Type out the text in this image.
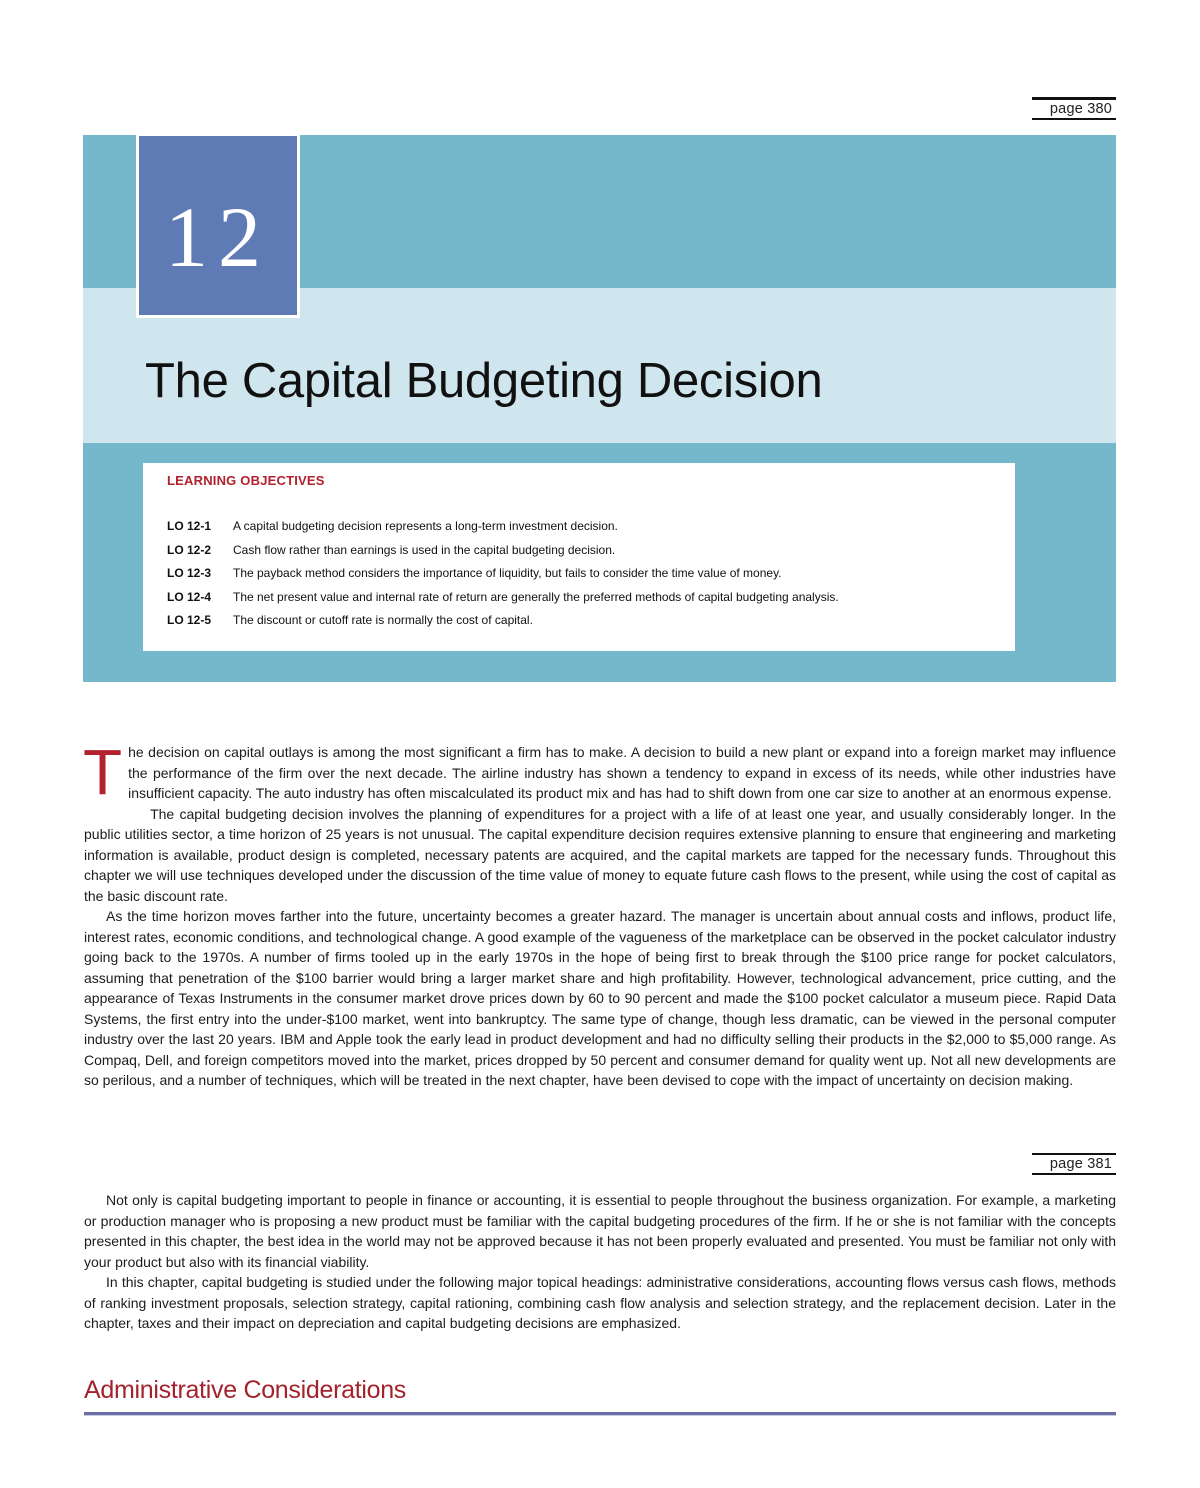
page 380
12
The Capital Budgeting Decision
LEARNING OBJECTIVES
LO 12-1 A capital budgeting decision represents a long-term investment decision.
LO 12-2 Cash flow rather than earnings is used in the capital budgeting decision.
LO 12-3 The payback method considers the importance of liquidity, but fails to consider the time value of money.
LO 12-4 The net present value and internal rate of return are generally the preferred methods of capital budgeting analysis.
LO 12-5 The discount or cutoff rate is normally the cost of capital.

The decision on capital outlays is among the most significant a firm has to make. A decision to build a new plant or expand into a foreign market may influence the performance of the firm over the next decade. The airline industry has shown a tendency to expand in excess of its needs, while other industries have insufficient capacity. The auto industry has often miscalculated its product mix and has had to shift down from one car size to another at an enormous expense.

The capital budgeting decision involves the planning of expenditures for a project with a life of at least one year, and usually considerably longer. In the public utilities sector, a time horizon of 25 years is not unusual. The capital expenditure decision requires extensive planning to ensure that engineering and marketing information is available, product design is completed, necessary patents are acquired, and the capital markets are tapped for the necessary funds. Throughout this chapter we will use techniques developed under the discussion of the time value of money to equate future cash flows to the present, while using the cost of capital as the basic discount rate.

As the time horizon moves farther into the future, uncertainty becomes a greater hazard. The manager is uncertain about annual costs and inflows, product life, interest rates, economic conditions, and technological change. A good example of the vagueness of the marketplace can be observed in the pocket calculator industry going back to the 1970s. A number of firms tooled up in the early 1970s in the hope of being first to break through the $100 price range for pocket calculators, assuming that penetration of the $100 barrier would bring a larger market share and high profitability. However, technological advancement, price cutting, and the appearance of Texas Instruments in the consumer market drove prices down by 60 to 90 percent and made the $100 pocket calculator a museum piece. Rapid Data Systems, the first entry into the under-$100 market, went into bankruptcy. The same type of change, though less dramatic, can be viewed in the personal computer industry over the last 20 years. IBM and Apple took the early lead in product development and had no difficulty selling their products in the $2,000 to $5,000 range. As Compaq, Dell, and foreign competitors moved into the market, prices dropped by 50 percent and consumer demand for quality went up. Not all new developments are so perilous, and a number of techniques, which will be treated in the next chapter, have been devised to cope with the impact of uncertainty on decision making.

page 381

Not only is capital budgeting important to people in finance or accounting, it is essential to people throughout the business organization. For example, a marketing or production manager who is proposing a new product must be familiar with the capital budgeting procedures of the firm. If he or she is not familiar with the concepts presented in this chapter, the best idea in the world may not be approved because it has not been properly evaluated and presented. You must be familiar not only with your product but also with its financial viability.

In this chapter, capital budgeting is studied under the following major topical headings: administrative considerations, accounting flows versus cash flows, methods of ranking investment proposals, selection strategy, capital rationing, combining cash flow analysis and selection strategy, and the replacement decision. Later in the chapter, taxes and their impact on depreciation and capital budgeting decisions are emphasized.

Administrative Considerations
